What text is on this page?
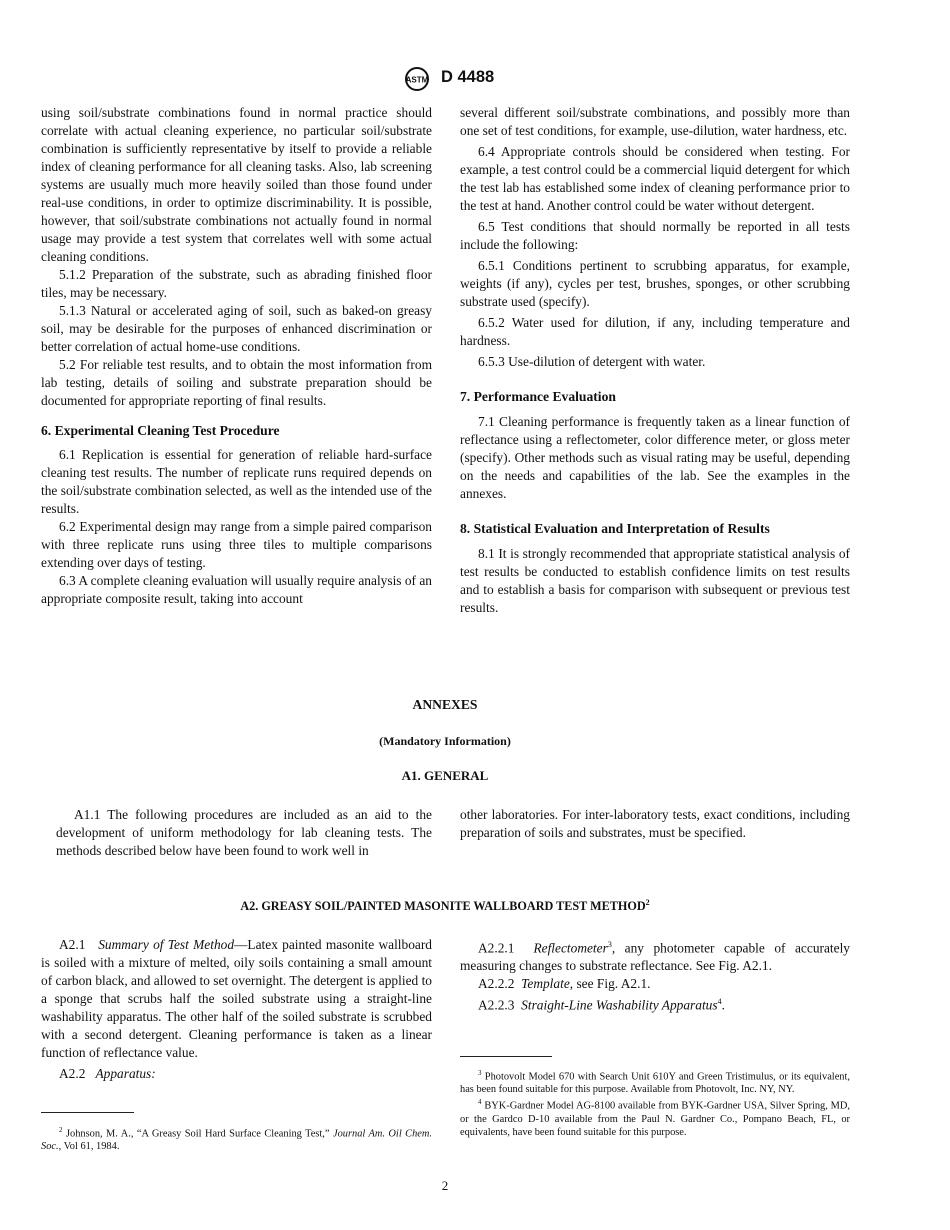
ASTM D 4488

using soil/substrate combinations found in normal practice should correlate with actual cleaning experience, no particular soil/substrate combination is sufficiently representative by itself to provide a reliable index of cleaning performance for all cleaning tasks. Also, lab screening systems are usually much more heavily soiled than those found under real-use conditions, in order to optimize discriminability. It is possible, however, that soil/substrate combinations not actually found in normal usage may provide a test system that correlates well with some actual cleaning conditions.

5.1.2 Preparation of the substrate, such as abrading finished floor tiles, may be necessary.

5.1.3 Natural or accelerated aging of soil, such as baked-on greasy soil, may be desirable for the purposes of enhanced discrimination or better correlation of actual home-use conditions.

5.2 For reliable test results, and to obtain the most information from lab testing, details of soiling and substrate preparation should be documented for appropriate reporting of final results.

6. Experimental Cleaning Test Procedure

6.1 Replication is essential for generation of reliable hard-surface cleaning test results. The number of replicate runs required depends on the soil/substrate combination selected, as well as the intended use of the results.

6.2 Experimental design may range from a simple paired comparison with three replicate runs using three tiles to multiple comparisons extending over days of testing.

6.3 A complete cleaning evaluation will usually require analysis of an appropriate composite result, taking into account

several different soil/substrate combinations, and possibly more than one set of test conditions, for example, use-dilution, water hardness, etc.

6.4 Appropriate controls should be considered when testing. For example, a test control could be a commercial liquid detergent for which the test lab has established some index of cleaning performance prior to the test at hand. Another control could be water without detergent.

6.5 Test conditions that should normally be reported in all tests include the following:

6.5.1 Conditions pertinent to scrubbing apparatus, for example, weights (if any), cycles per test, brushes, sponges, or other scrubbing substrate used (specify).

6.5.2 Water used for dilution, if any, including temperature and hardness.

6.5.3 Use-dilution of detergent with water.

7. Performance Evaluation

7.1 Cleaning performance is frequently taken as a linear function of reflectance using a reflectometer, color difference meter, or gloss meter (specify). Other methods such as visual rating may be useful, depending on the needs and capabilities of the lab. See the examples in the annexes.

8. Statistical Evaluation and Interpretation of Results

8.1 It is strongly recommended that appropriate statistical analysis of test results be conducted to establish confidence limits on test results and to establish a basis for comparison with subsequent or previous test results.

ANNEXES
(Mandatory Information)
A1. GENERAL

A1.1 The following procedures are included as an aid to the development of uniform methodology for lab cleaning tests. The methods described below have been found to work well in

other laboratories. For inter-laboratory tests, exact conditions, including preparation of soils and substrates, must be specified.

A2. GREASY SOIL/PAINTED MASONITE WALLBOARD TEST METHOD$^2$

A2.1 Summary of Test Method—Latex painted masonite wallboard is soiled with a mixture of melted, oily soils containing a small amount of carbon black, and allowed to set overnight. The detergent is applied to a sponge that scrubs half the soiled substrate using a straight-line washability apparatus. The other half of the soiled substrate is scrubbed with a second detergent. Cleaning performance is taken as a linear function of reflectance value.

A2.2 Apparatus:

A2.2.1 Reflectometer$^3$, any photometer capable of accurately measuring changes to substrate reflectance. See Fig. A2.1.

A2.2.2 Template, see Fig. A2.1.

A2.2.3 Straight-Line Washability Apparatus$^4$.

$^2$ Johnson, M. A., “A Greasy Soil Hard Surface Cleaning Test,” Journal Am. Oil Chem. Soc., Vol 61, 1984.

$^3$ Photovolt Model 670 with Search Unit 610Y and Green Tristimulus, or its equivalent, has been found suitable for this purpose. Available from Photovolt, Inc. NY, NY.

$^4$ BYK-Gardner Model AG-8100 available from BYK-Gardner USA, Silver Spring, MD, or the Gardco D-10 available from the Paul N. Gardner Co., Pompano Beach, FL, or equivalents, have been found suitable for this purpose.

2
